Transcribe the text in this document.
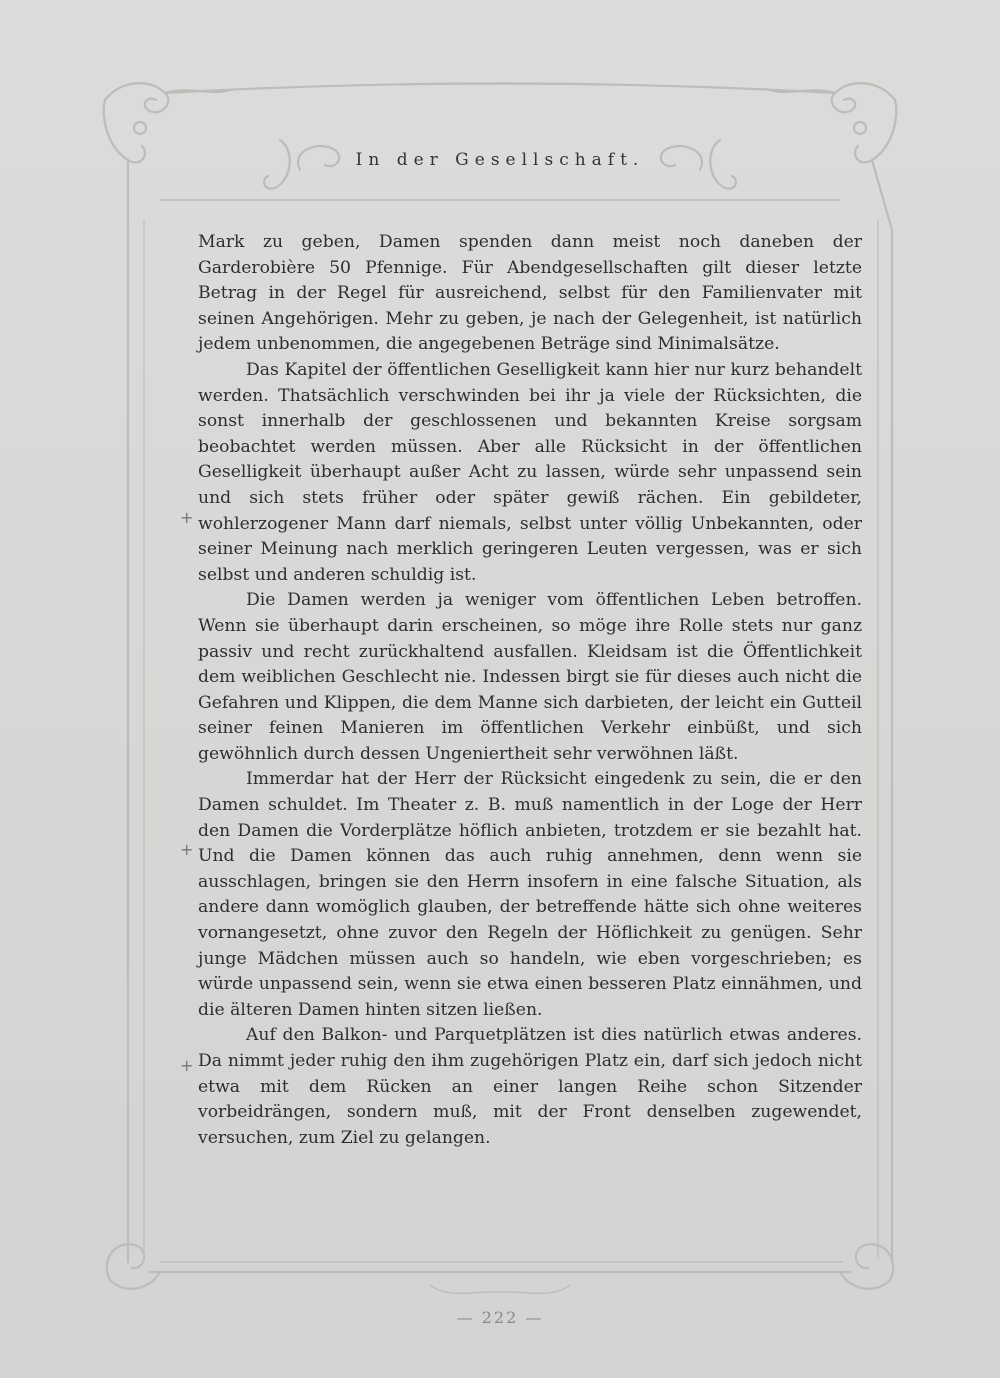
In der Gesellschaft.

Mark zu geben, Damen spenden dann meist noch daneben der Garderobière 50 Pfennige. Für Abendgesellschaften gilt dieser letzte Betrag in der Regel für ausreichend, selbst für den Familienvater mit seinen Angehörigen. Mehr zu geben, je nach der Gelegenheit, ist natürlich jedem unbenommen, die angegebenen Beträge sind Minimalsätze.

Das Kapitel der öffentlichen Geselligkeit kann hier nur kurz behandelt werden. Thatsächlich verschwinden bei ihr ja viele der Rücksichten, die sonst innerhalb der geschlossenen und bekannten Kreise sorgsam beobachtet werden müssen. Aber alle Rücksicht in der öffentlichen Geselligkeit überhaupt außer Acht zu lassen, würde sehr unpassend sein und sich stets früher oder später gewiß rächen. Ein gebildeter, wohlerzogener Mann darf niemals, selbst unter völlig Unbekannten, oder seiner Meinung nach merklich geringeren Leuten vergessen, was er sich selbst und anderen schuldig ist.

Die Damen werden ja weniger vom öffentlichen Leben betroffen. Wenn sie überhaupt darin erscheinen, so möge ihre Rolle stets nur ganz passiv und recht zurückhaltend ausfallen. Kleidsam ist die Öffentlichkeit dem weiblichen Geschlecht nie. Indessen birgt sie für dieses auch nicht die Gefahren und Klippen, die dem Manne sich darbieten, der leicht ein Gutteil seiner feinen Manieren im öffentlichen Verkehr einbüßt, und sich gewöhnlich durch dessen Ungeniertheit sehr verwöhnen läßt.

Immerdar hat der Herr der Rücksicht eingedenk zu sein, die er den Damen schuldet. Im Theater z. B. muß namentlich in der Loge der Herr den Damen die Vorderplätze höflich anbieten, trotzdem er sie bezahlt hat. Und die Damen können das auch ruhig annehmen, denn wenn sie ausschlagen, bringen sie den Herrn insofern in eine falsche Situation, als andere dann womöglich glauben, der betreffende hätte sich ohne weiteres vornangesetzt, ohne zuvor den Regeln der Höflichkeit zu genügen. Sehr junge Mädchen müssen auch so handeln, wie eben vorgeschrieben; es würde unpassend sein, wenn sie etwa einen besseren Platz einnähmen, und die älteren Damen hinten sitzen ließen.

Auf den Balkon- und Parquetplätzen ist dies natürlich etwas anderes. Da nimmt jeder ruhig den ihm zugehörigen Platz ein, darf sich jedoch nicht etwa mit dem Rücken an einer langen Reihe schon Sitzender vorbeidrängen, sondern muß, mit der Front denselben zugewendet, versuchen, zum Ziel zu gelangen.

+
+
+
— 222 —
